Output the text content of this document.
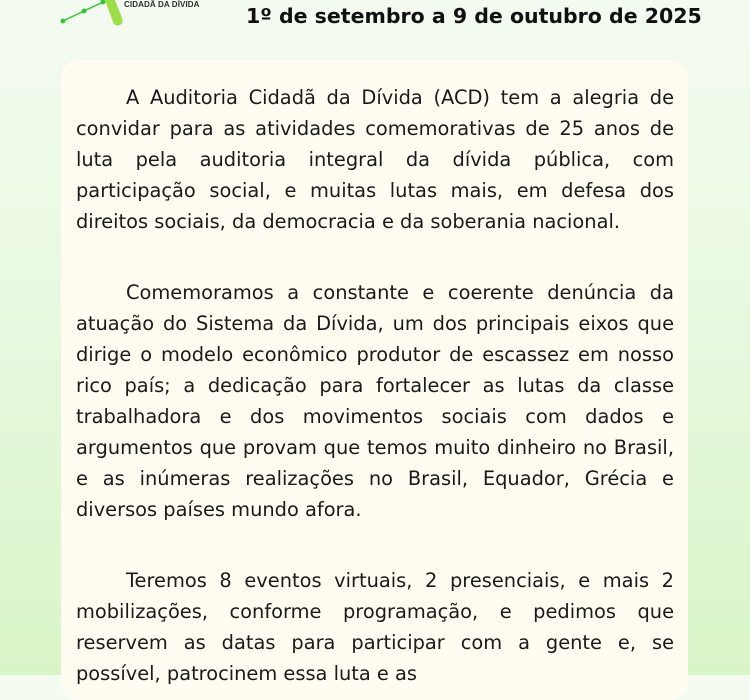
CIDADÃ DA DÍVIDA 1º de setembro a 9 de outubro de 2025

A Auditoria Cidadã da Dívida (ACD) tem a alegria de convidar para as atividades comemorativas de 25 anos de luta pela auditoria integral da dívida pública, com participação social, e muitas lutas mais, em defesa dos direitos sociais, da democracia e da soberania nacional.

Comemoramos a constante e coerente denúncia da atuação do Sistema da Dívida, um dos principais eixos que dirige o modelo econômico produtor de escassez em nosso rico país; a dedicação para fortalecer as lutas da classe trabalhadora e dos movimentos sociais com dados e argumentos que provam que temos muito dinheiro no Brasil, e as inúmeras realizações no Brasil, Equador, Grécia e diversos países mundo afora.

Teremos 8 eventos virtuais, 2 presenciais, e mais 2 mobilizações, conforme programação, e pedimos que reservem as datas para participar com a gente e, se possível, patrocinem essa luta e as
